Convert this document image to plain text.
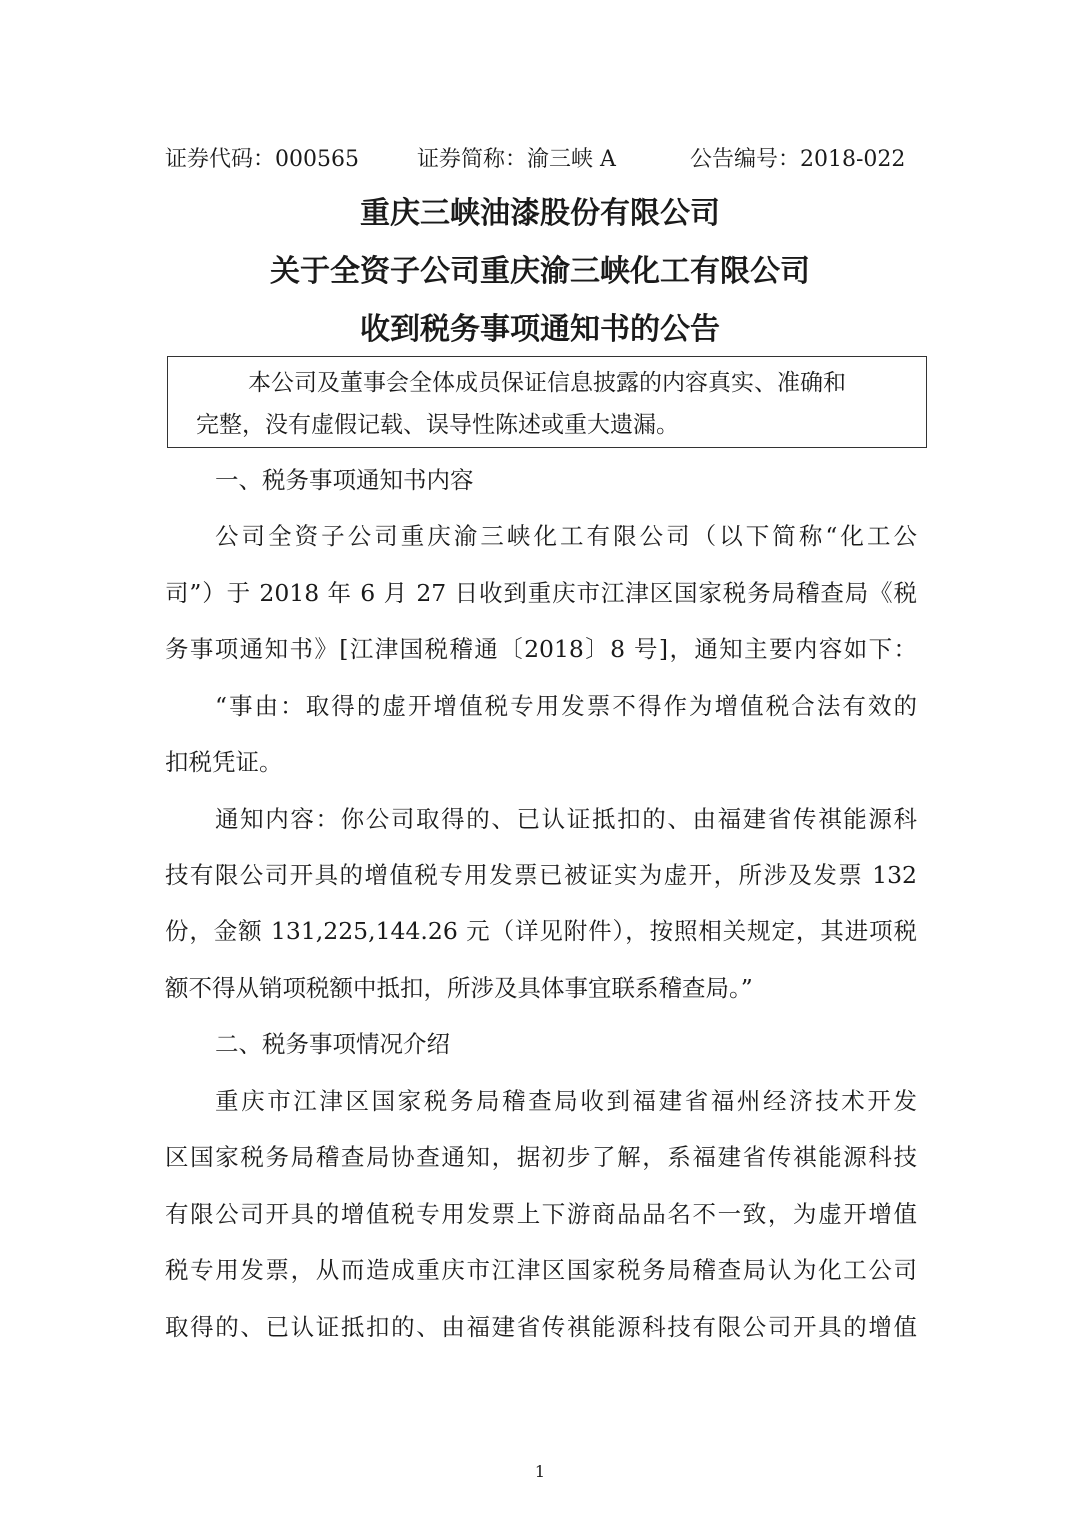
证券代码：000565	证券简称：渝三峡 A	公告编号：2018-022
重庆三峡油漆股份有限公司
关于全资子公司重庆渝三峡化工有限公司
收到税务事项通知书的公告
本公司及董事会全体成员保证信息披露的内容真实、准确和
完整，没有虚假记载、误导性陈述或重大遗漏。
一、税务事项通知书内容
公司全资子公司重庆渝三峡化工有限公司（以下简称“化工公
司”）于 2018 年 6 月 27 日收到重庆市江津区国家税务局稽查局《税
务事项通知书》[江津国税稽通〔2018〕8 号]，通知主要内容如下：
“事由：取得的虚开增值税专用发票不得作为增值税合法有效的
扣税凭证。
通知内容：你公司取得的、已认证抵扣的、由福建省传祺能源科
技有限公司开具的增值税专用发票已被证实为虚开，所涉及发票 132
份，金额 131,225,144.26 元（详见附件），按照相关规定，其进项税
额不得从销项税额中抵扣，所涉及具体事宜联系稽查局。”
二、税务事项情况介绍
重庆市江津区国家税务局稽查局收到福建省福州经济技术开发
区国家税务局稽查局协查通知，据初步了解，系福建省传祺能源科技
有限公司开具的增值税专用发票上下游商品品名不一致，为虚开增值
税专用发票，从而造成重庆市江津区国家税务局稽查局认为化工公司
取得的、已认证抵扣的、由福建省传祺能源科技有限公司开具的增值
1
